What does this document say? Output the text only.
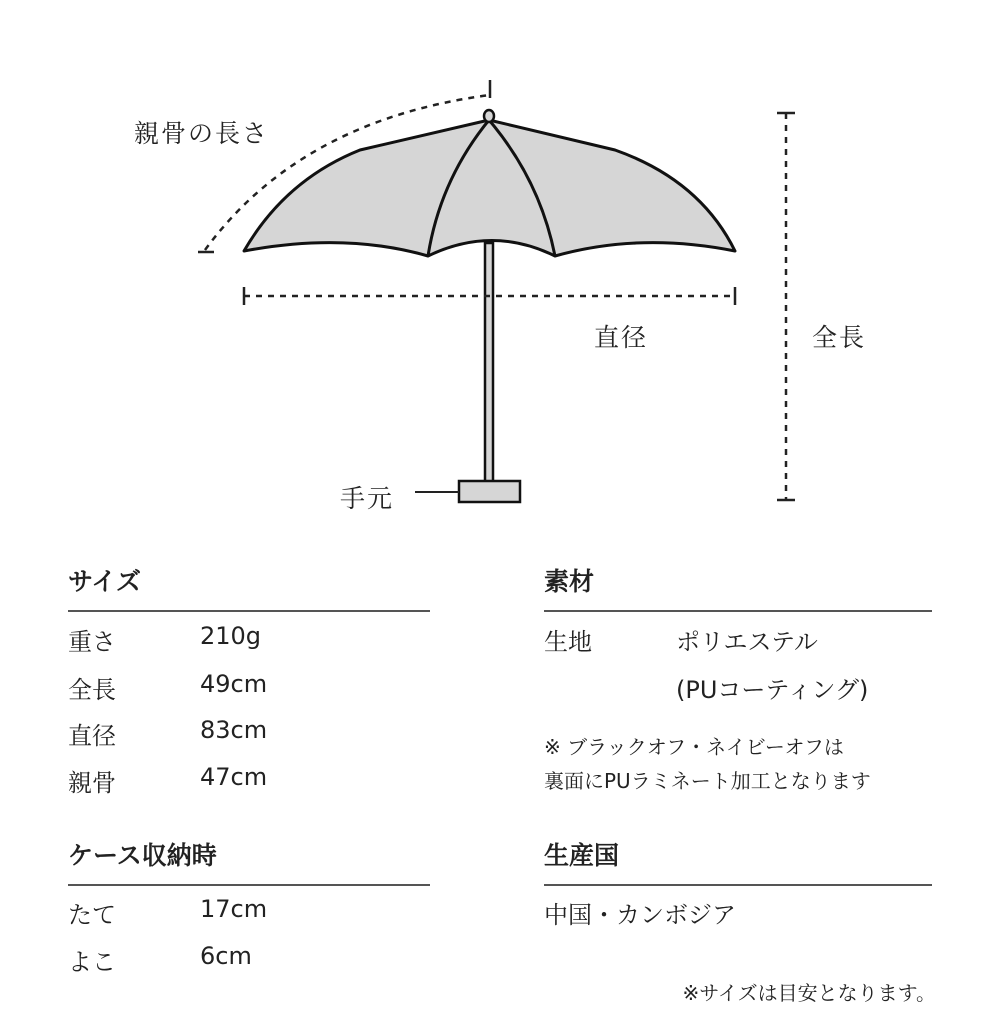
親骨の長さ
直径	全長
手元
サイズ
重さ	210g
全長	49cm
直径	83cm
親骨	47cm
ケース収納時
たて	17cm
よこ	6cm
素材
生地	ポリエステル
(PUコーティング)
※ ブラックオフ・ネイビーオフは
裏面にPUラミネート加工となります
生産国
中国・カンボジア
※サイズは目安となります。
